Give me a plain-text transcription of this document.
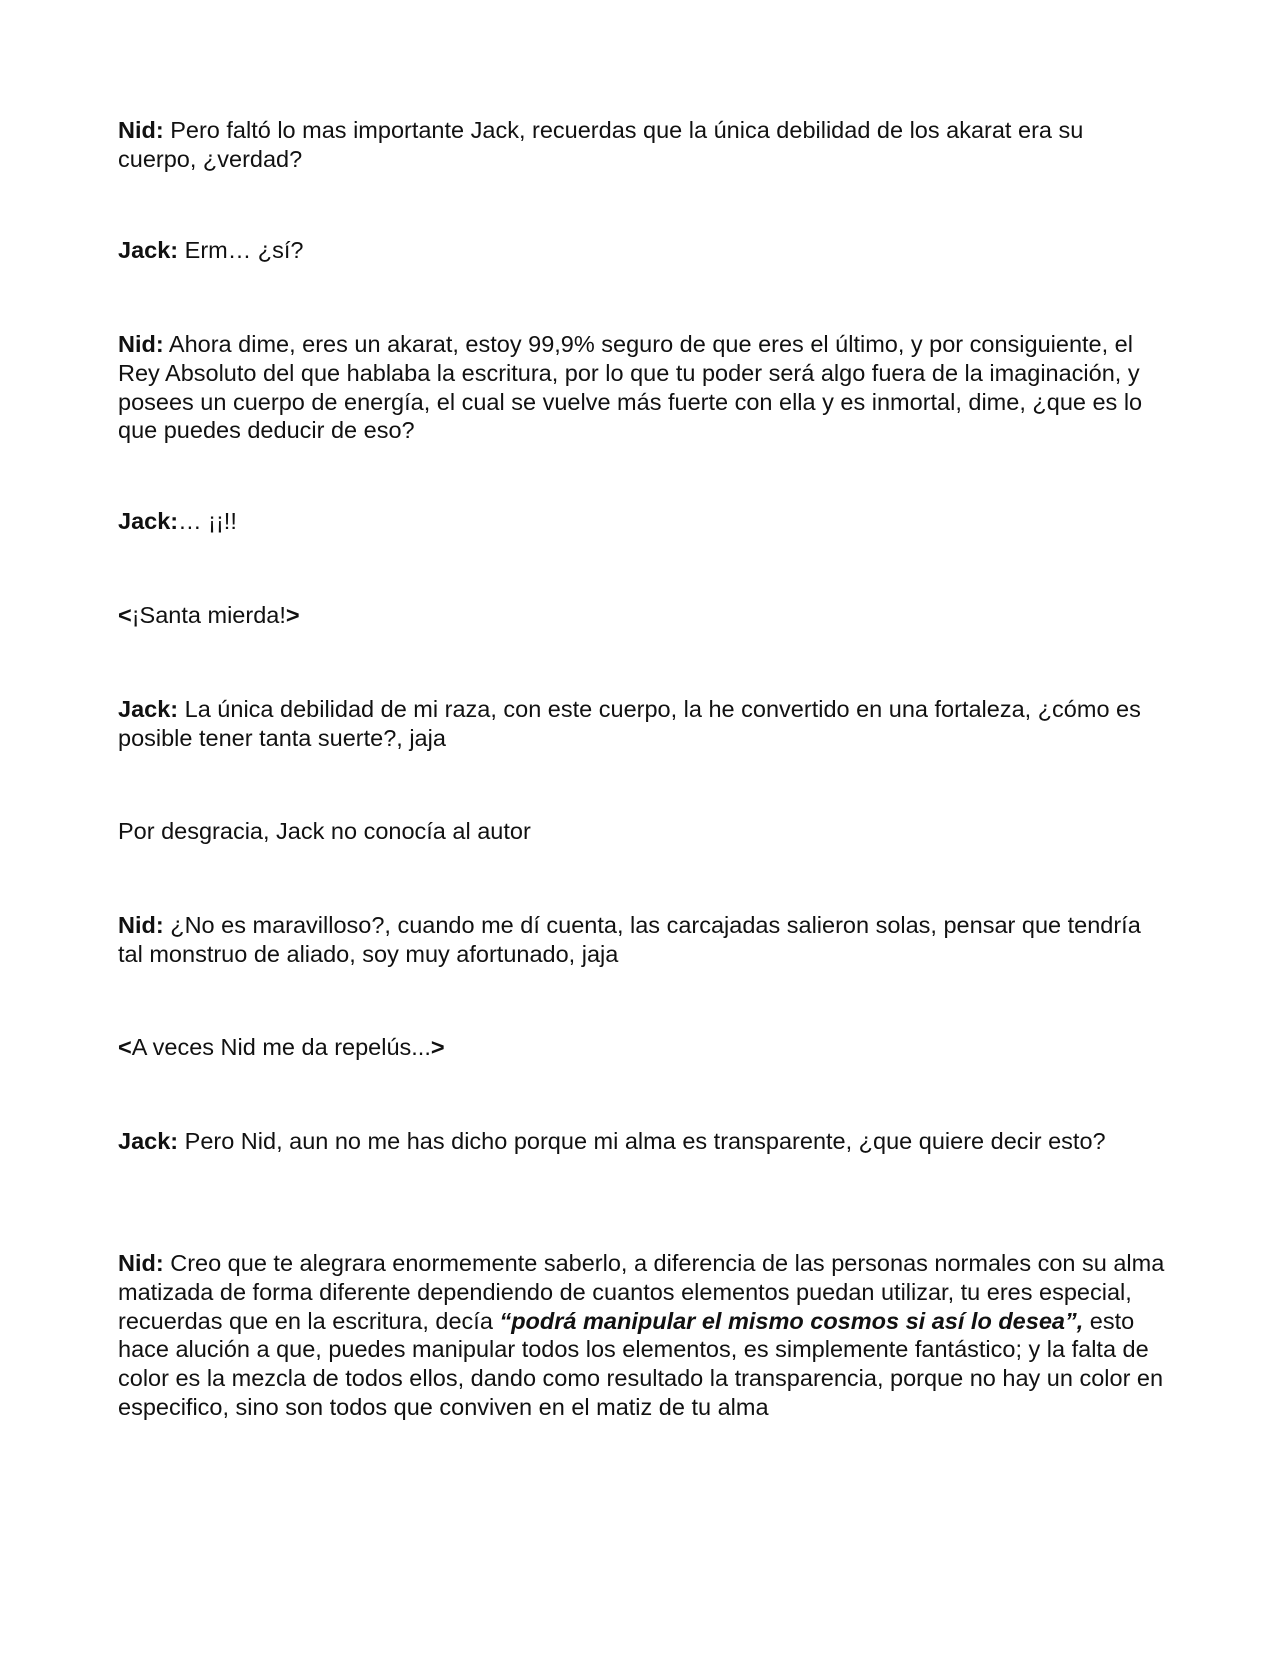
Nid: Pero faltó lo mas importante Jack, recuerdas que la única debilidad de los akarat era su cuerpo, ¿verdad?

Jack: Erm… ¿sí?

Nid: Ahora dime, eres un akarat, estoy 99,9% seguro de que eres el último, y por consiguiente, el Rey Absoluto del que hablaba la escritura, por lo que tu poder será algo fuera de la imaginación, y posees un cuerpo de energía, el cual se vuelve más fuerte con ella y es inmortal, dime, ¿que es lo que puedes deducir de eso?

Jack:… ¡¡!!

<¡Santa mierda!>

Jack: La única debilidad de mi raza, con este cuerpo, la he convertido en una fortaleza, ¿cómo es posible tener tanta suerte?, jaja

Por desgracia, Jack no conocía al autor

Nid: ¿No es maravilloso?, cuando me dí cuenta, las carcajadas salieron solas, pensar que tendría tal monstruo de aliado, soy muy afortunado, jaja

<A veces Nid me da repelús...>

Jack: Pero Nid, aun no me has dicho porque mi alma es transparente, ¿que quiere decir esto?

Nid: Creo que te alegrara enormemente saberlo, a diferencia de las personas normales con su alma matizada de forma diferente dependiendo de cuantos elementos puedan utilizar, tu eres especial, recuerdas que en la escritura, decía “podrá manipular el mismo cosmos si así lo desea”, esto hace alución a que, puedes manipular todos los elementos, es simplemente fantástico; y la falta de color es la mezcla de todos ellos, dando como resultado la transparencia, porque no hay un color en especifico, sino son todos que conviven en el matiz de tu alma
